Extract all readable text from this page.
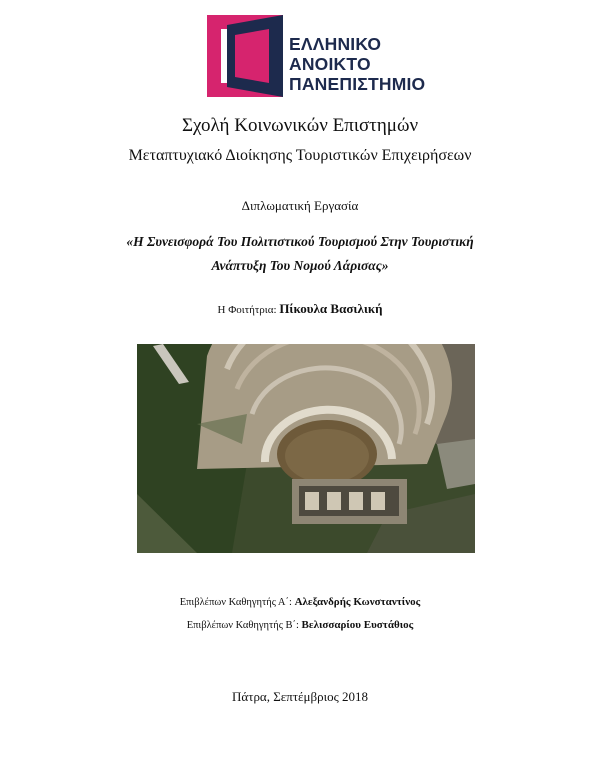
ΕΛΛΗΝΙΚΟ
ΑΝΟΙΚΤΟ
ΠΑΝΕΠΙΣΤΗΜΙΟ
Σχολή Κοινωνικών Επιστημών
Μεταπτυχιακό Διοίκησης Τουριστικών Επιχειρήσεων
Διπλωματική Εργασία
«Η Συνεισφορά Του Πολιτιστικού Τουρισμού Στην Τουριστική
Ανάπτυξη Του Νομού Λάρισας»
Η Φοιτήτρια: Πίκουλα Βασιλική
Επιβλέπων Καθηγητής Α΄: Αλεξανδρής Κωνσταντίνος
Επιβλέπων Καθηγητής Β΄: Βελισσαρίου Ευστάθιος
Πάτρα, Σεπτέμβριος 2018
